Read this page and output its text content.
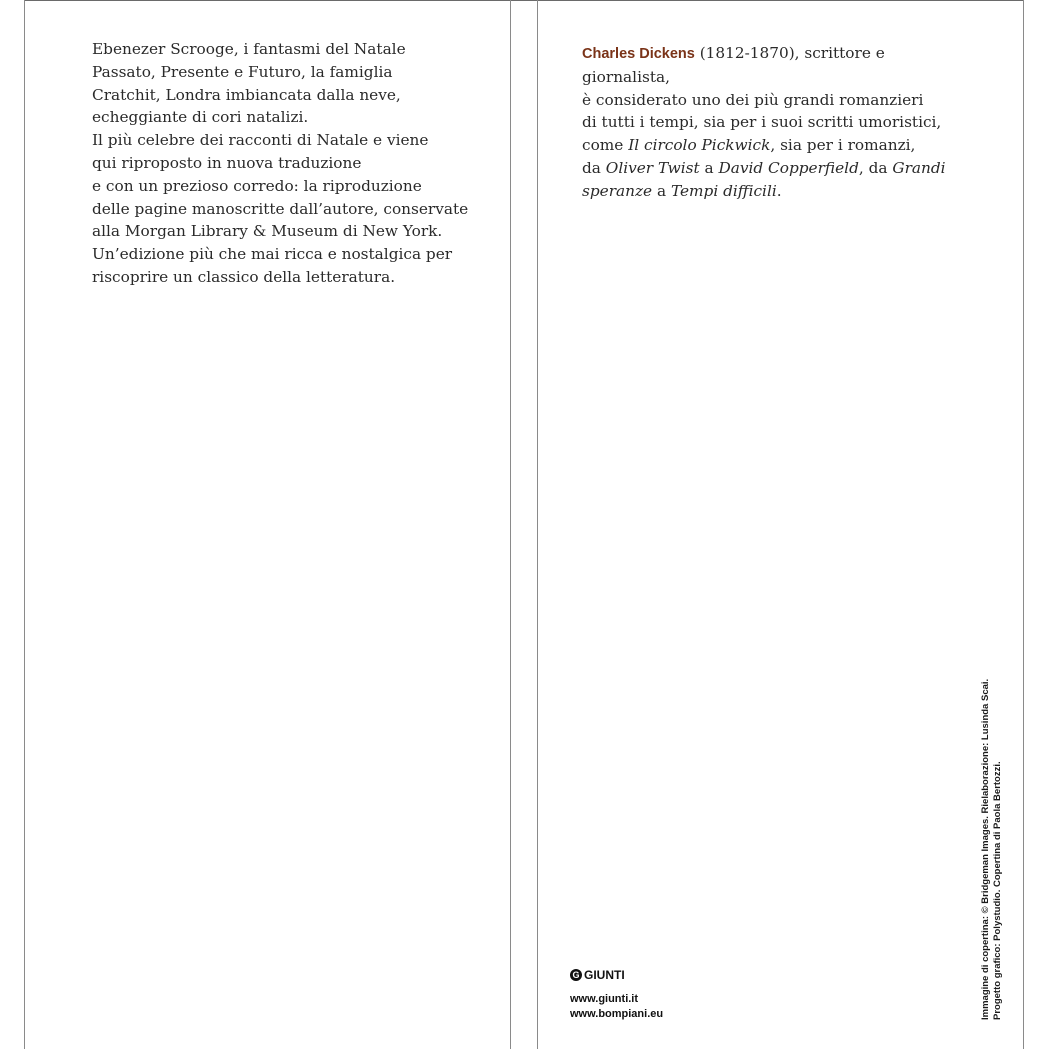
Ebenezer Scrooge, i fantasmi del Natale

Passato, Presente e Futuro, la famiglia

Cratchit, Londra imbiancata dalla neve,

echeggiante di cori natalizi.

Il più celebre dei racconti di Natale e viene

qui riproposto in nuova traduzione

e con un prezioso corredo: la riproduzione

delle pagine manoscritte dall’autore, conservate

alla Morgan Library & Museum di New York.

Un’edizione più che mai ricca e nostalgica per

riscoprire un classico della letteratura.

Charles Dickens (1812-1870), scrittore e giornalista,
è considerato uno dei più grandi romanzieri
di tutti i tempi, sia per i suoi scritti umoristici,
come Il circolo Pickwick, sia per i romanzi,
da Oliver Twist a David Copperfield, da Grandi
speranze a Tempi difficili.
G GIUNTI
www.giunti.it
www.bompiani.eu	Immagine di copertina: © Bridgeman Images. Rielaborazione: Lusinda Scai. Progetto grafico: Polystudio. Copertina di Paola Bertozzi.
